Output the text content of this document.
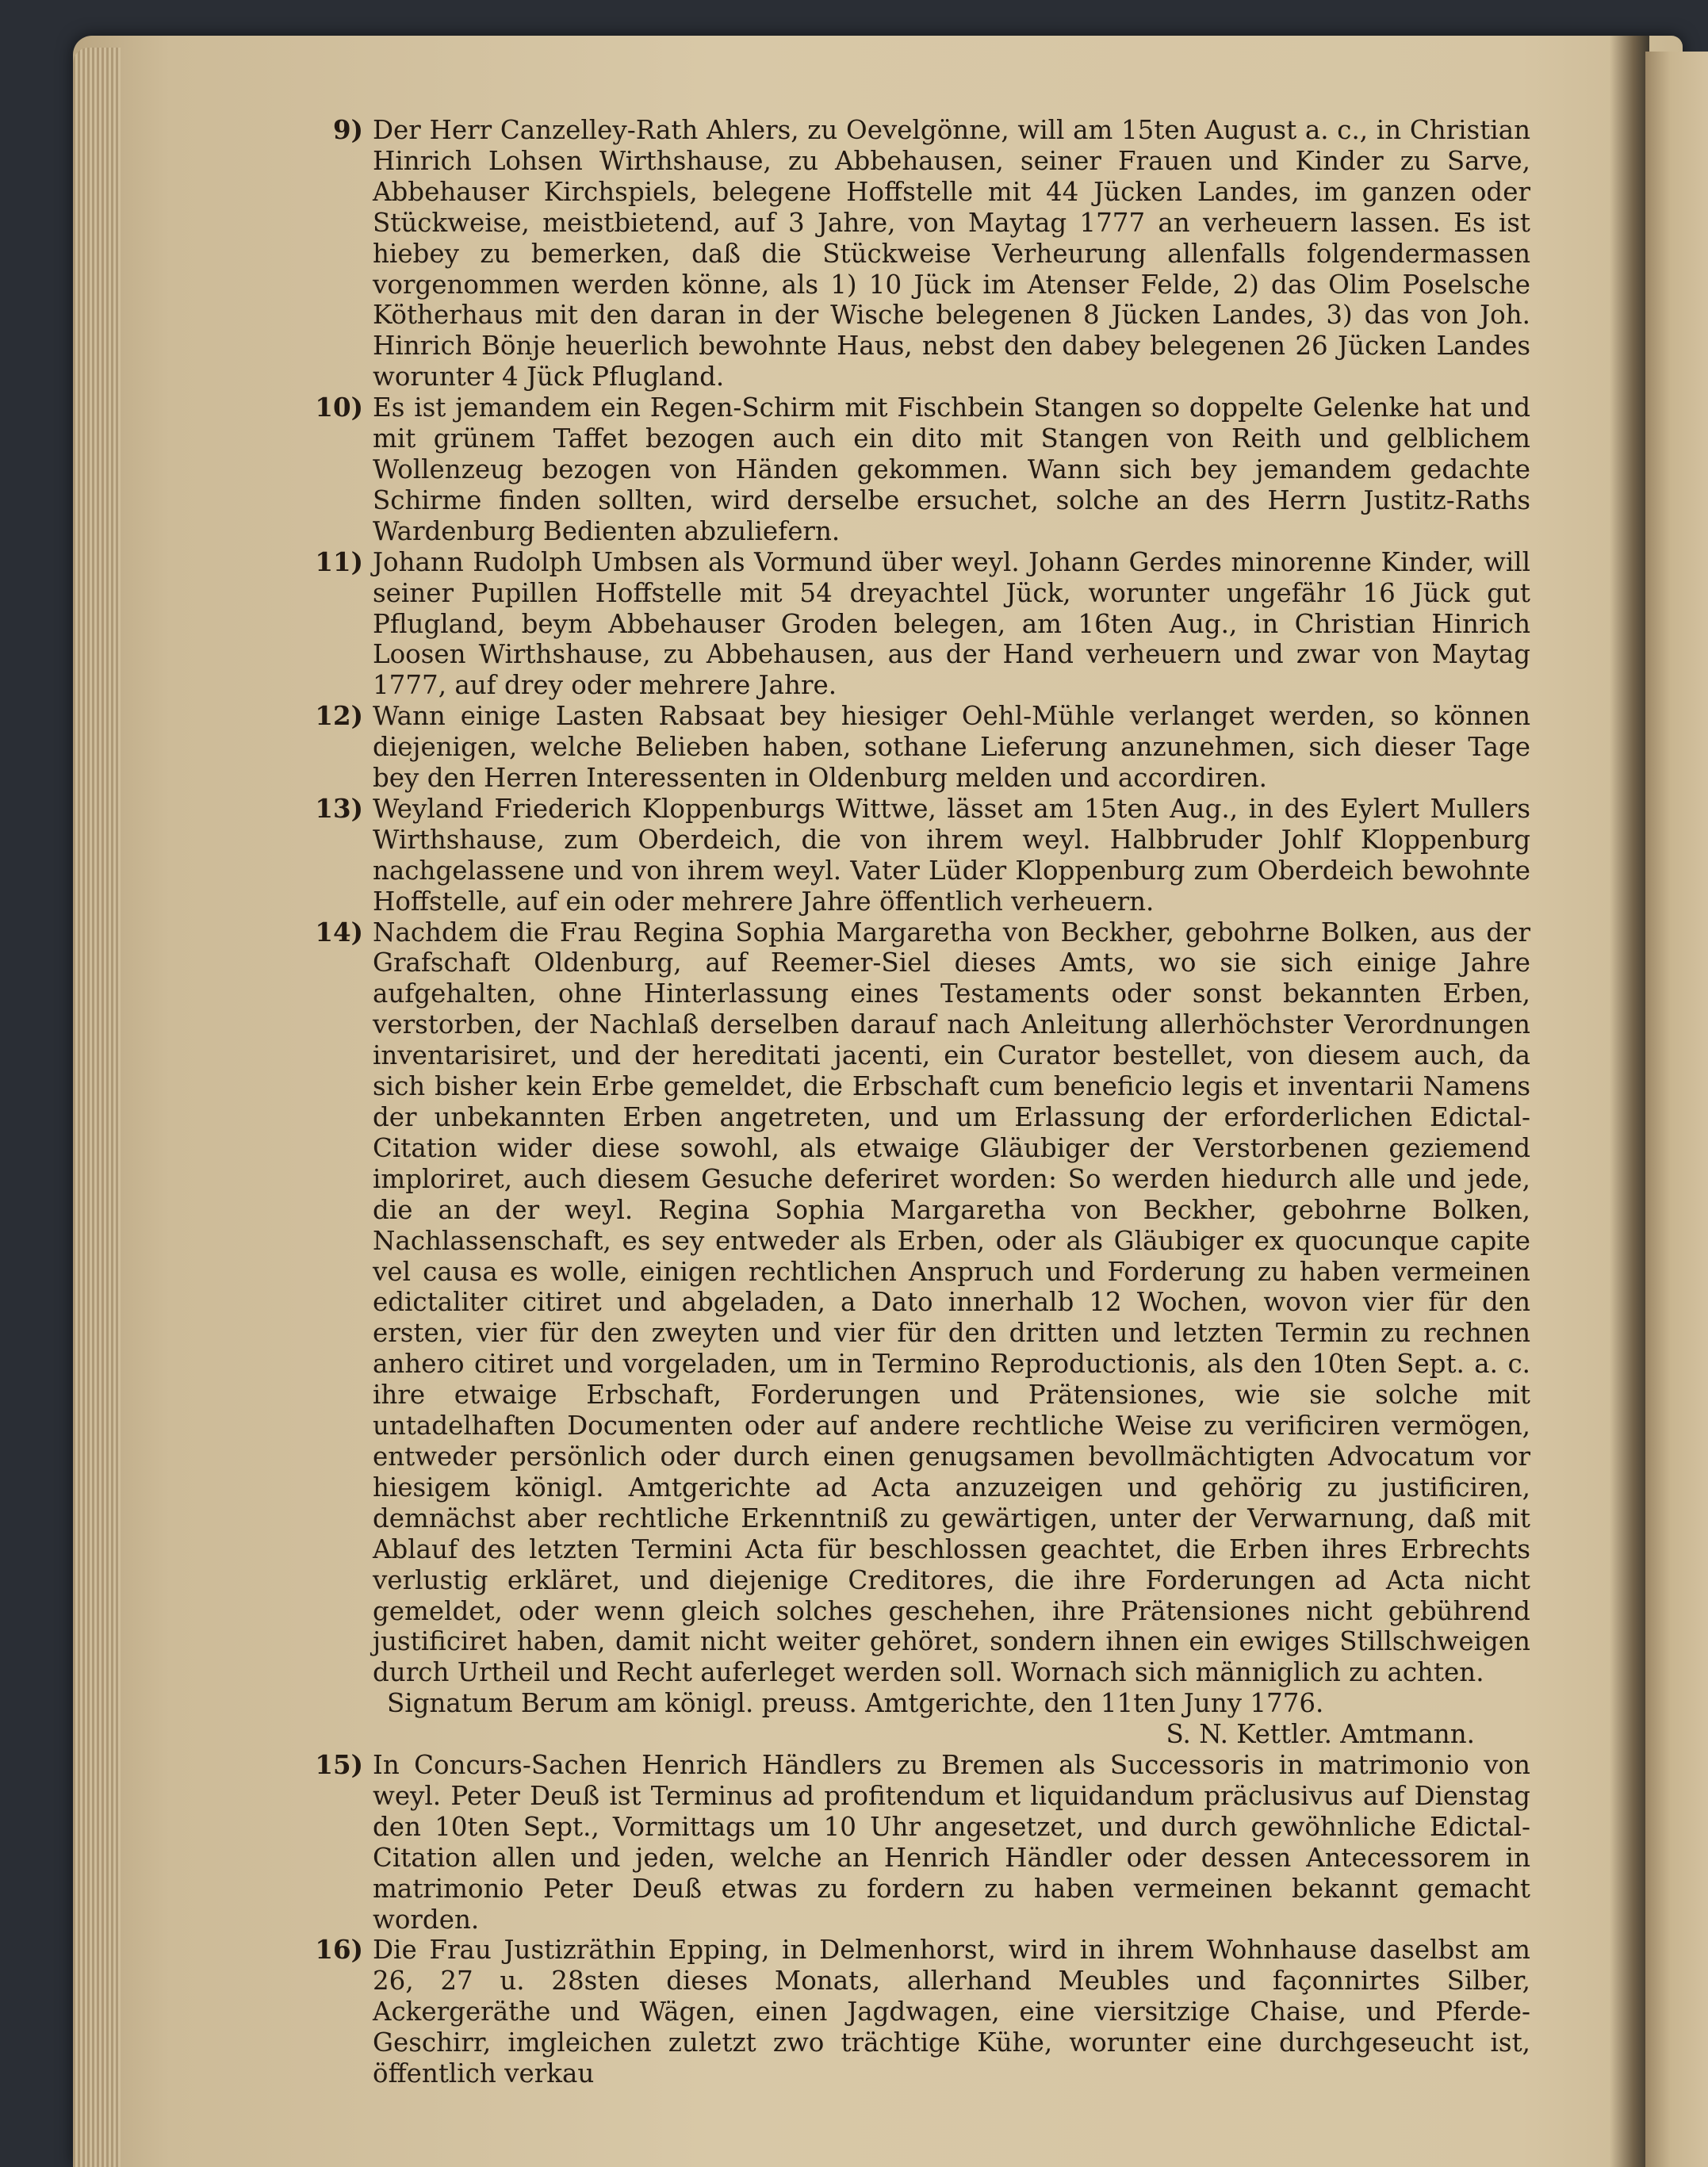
9) Der Herr Canzelley-Rath Ahlers, zu Oevelgönne, will am 15ten August a. c., in Christian Hinrich Lohsen Wirthshause, zu Abbehausen, seiner Frauen und Kinder zu Sarve, Abbehauser Kirchspiels, belegene Hoffstelle mit 44 Jücken Landes, im ganzen oder Stückweise, meistbietend, auf 3 Jahre, von Maytag 1777 an verheuern lassen. Es ist hiebey zu bemerken, daß die Stückweise Verheurung allenfalls folgendermassen vorgenommen werden könne, als 1) 10 Jück im Atenser Felde, 2) das Olim Poselsche Kötherhaus mit den daran in der Wische belegenen 8 Jücken Landes, 3) das von Joh. Hinrich Bönje heuerlich bewohnte Haus, nebst den dabey belegenen 26 Jücken Landes worunter 4 Jück Pflugland.

10) Es ist jemandem ein Regen-Schirm mit Fischbein Stangen so doppelte Gelenke hat und mit grünem Taffet bezogen auch ein dito mit Stangen von Reith und gelblichem Wollenzeug bezogen von Händen gekommen. Wann sich bey jemandem gedachte Schirme finden sollten, wird derselbe ersuchet, solche an des Herrn Justitz-Raths Wardenburg Bedienten abzuliefern.

11) Johann Rudolph Umbsen als Vormund über weyl. Johann Gerdes minorenne Kinder, will seiner Pupillen Hoffstelle mit 54 dreyachtel Jück, worunter ungefähr 16 Jück gut Pflugland, beym Abbehauser Groden belegen, am 16ten Aug., in Christian Hinrich Loosen Wirthshause, zu Abbehausen, aus der Hand verheuern und zwar von Maytag 1777, auf drey oder mehrere Jahre.

12) Wann einige Lasten Rabsaat bey hiesiger Oehl-Mühle verlanget werden, so können diejenigen, welche Belieben haben, sothane Lieferung anzunehmen, sich dieser Tage bey den Herren Interessenten in Oldenburg melden und accordiren.

13) Weyland Friederich Kloppenburgs Wittwe, lässet am 15ten Aug., in des Eylert Mullers Wirthshause, zum Oberdeich, die von ihrem weyl. Halbbruder Johlf Kloppenburg nachgelassene und von ihrem weyl. Vater Lüder Kloppenburg zum Oberdeich bewohnte Hoffstelle, auf ein oder mehrere Jahre öffentlich verheuern.

14) Nachdem die Frau Regina Sophia Margaretha von Beckher, gebohrne Bolken, aus der Grafschaft Oldenburg, auf Reemer-Siel dieses Amts, wo sie sich einige Jahre aufgehalten, ohne Hinterlassung eines Testaments oder sonst bekannten Erben, verstorben, der Nachlaß derselben darauf nach Anleitung allerhöchster Verordnungen inventarisiret, und der hereditati jacenti, ein Curator bestellet, von diesem auch, da sich bisher kein Erbe gemeldet, die Erbschaft cum beneficio legis et inventarii Namens der unbekannten Erben angetreten, und um Erlassung der erforderlichen Edictal-Citation wider diese sowohl, als etwaige Gläubiger der Verstorbenen geziemend imploriret, auch diesem Gesuche deferiret worden: So werden hiedurch alle und jede, die an der weyl. Regina Sophia Margaretha von Beckher, gebohrne Bolken, Nachlassenschaft, es sey entweder als Erben, oder als Gläubiger ex quocunque capite vel causa es wolle, einigen rechtlichen Anspruch und Forderung zu haben vermeinen edictaliter citiret und abgeladen, a Dato innerhalb 12 Wochen, wovon vier für den ersten, vier für den zweyten und vier für den dritten und letzten Termin zu rechnen anhero citiret und vorgeladen, um in Termino Reproductionis, als den 10ten Sept. a. c. ihre etwaige Erbschaft, Forderungen und Prätensiones, wie sie solche mit untadelhaften Documenten oder auf andere rechtliche Weise zu verificiren vermögen, entweder persönlich oder durch einen genugsamen bevollmächtigten Advocatum vor hiesigem königl. Amtgerichte ad Acta anzuzeigen und gehörig zu justificiren, demnächst aber rechtliche Erkenntniß zu gewärtigen, unter der Verwarnung, daß mit Ablauf des letzten Termini Acta für beschlossen geachtet, die Erben ihres Erbrechts verlustig erkläret, und diejenige Creditores, die ihre Forderungen ad Acta nicht gemeldet, oder wenn gleich solches geschehen, ihre Prätensiones nicht gebührend justificiret haben, damit nicht weiter gehöret, sondern ihnen ein ewiges Stillschweigen durch Urtheil und Recht auferleget werden soll. Wornach sich männiglich zu achten.

Signatum Berum am königl. preuss. Amtgerichte, den 11ten Juny 1776.

S. N. Kettler. Amtmann.

15) In Concurs-Sachen Henrich Händlers zu Bremen als Successoris in matrimonio von weyl. Peter Deuß ist Terminus ad profitendum et liquidandum präclusivus auf Dienstag den 10ten Sept., Vormittags um 10 Uhr angesetzet, und durch gewöhnliche Edictal-Citation allen und jeden, welche an Henrich Händler oder dessen Antecessorem in matrimonio Peter Deuß etwas zu fordern zu haben vermeinen bekannt gemacht worden.

16) Die Frau Justizräthin Epping, in Delmenhorst, wird in ihrem Wohnhause daselbst am 26, 27 u. 28sten dieses Monats, allerhand Meubles und façonnirtes Silber, Ackergeräthe und Wägen, einen Jagdwagen, eine viersitzige Chaise, und Pferde-Geschirr, imgleichen zuletzt zwo trächtige Kühe, worunter eine durchgeseucht ist, öffentlich verkau
